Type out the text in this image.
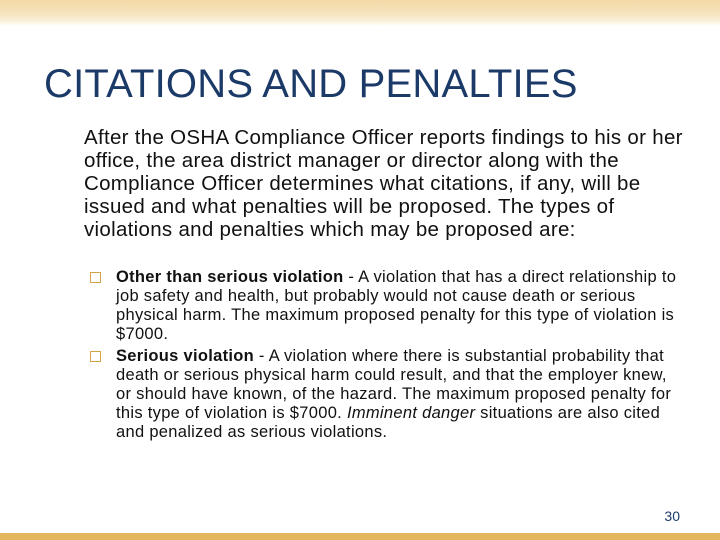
CITATIONS AND PENALTIES

After the OSHA Compliance Officer reports findings to his or her office, the area district manager or director along with the Compliance Officer determines what citations, if any, will be issued and what penalties will be proposed. The types of violations and penalties which may be proposed are:

Other than serious violation - A violation that has a direct relationship to job safety and health, but probably would not cause death or serious physical harm. The maximum proposed penalty for this type of violation is $7000.
Serious violation - A violation where there is substantial probability that death or serious physical harm could result, and that the employer knew, or should have known, of the hazard. The maximum proposed penalty for this type of violation is $7000. Imminent danger situations are also cited and penalized as serious violations.
30
